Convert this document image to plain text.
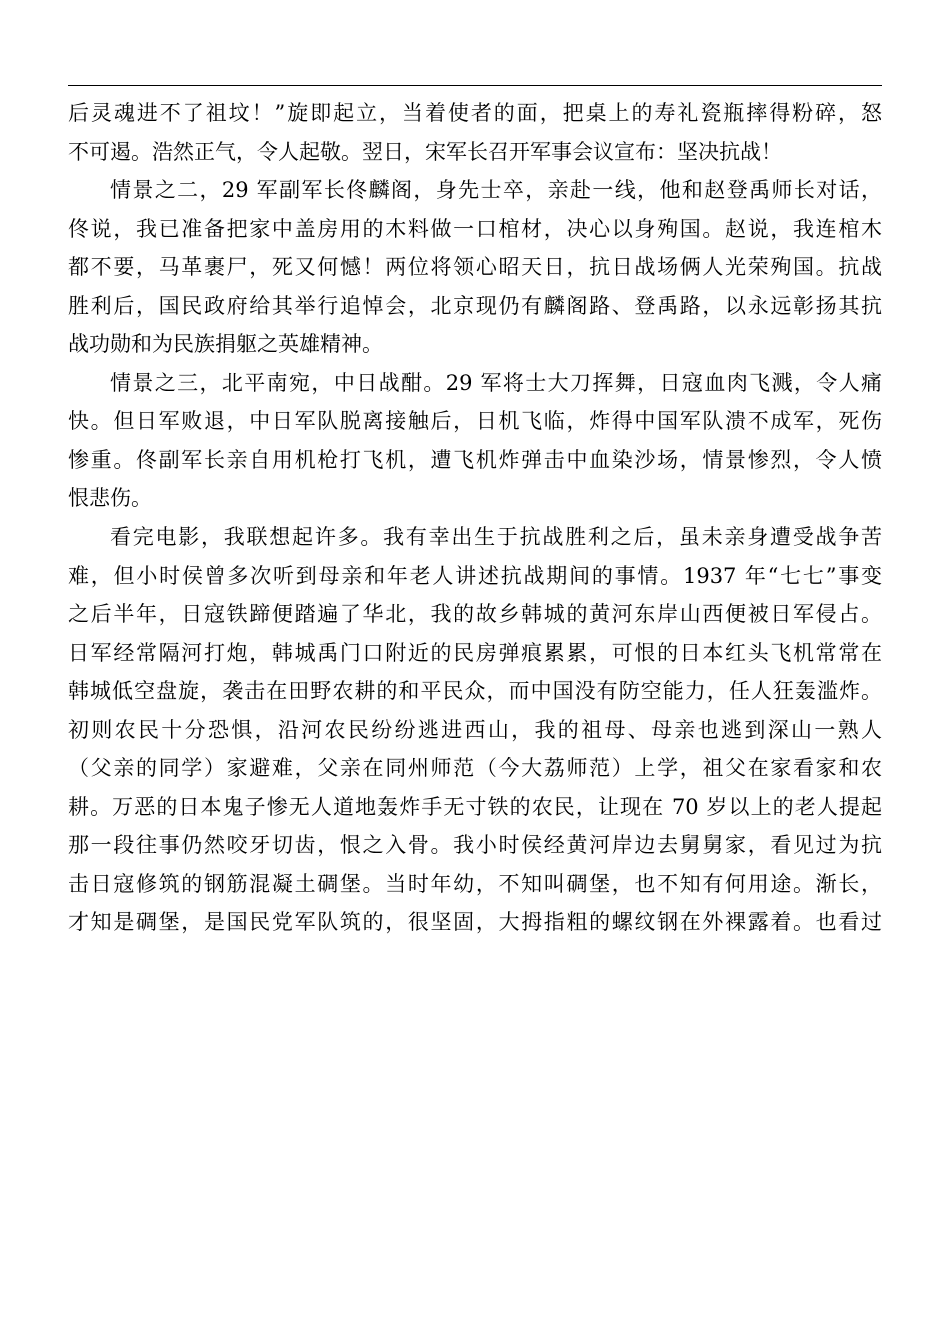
后灵魂进不了祖坟！”旋即起立，当着使者的面，把桌上的寿礼瓷瓶摔得粉碎，怒
不可遏。浩然正气，令人起敬。翌日，宋军长召开军事会议宣布：坚决抗战！
情景之二，29 军副军长佟麟阁，身先士卒，亲赴一线，他和赵登禹师长对话，
佟说，我已准备把家中盖房用的木料做一口棺材，决心以身殉国。赵说，我连棺木
都不要，马革裹尸，死又何憾！两位将领心昭天日，抗日战场俩人光荣殉国。抗战
胜利后，国民政府给其举行追悼会，北京现仍有麟阁路、登禹路，以永远彰扬其抗
战功勋和为民族捐躯之英雄精神。
情景之三，北平南宛，中日战酣。29 军将士大刀挥舞，日寇血肉飞溅，令人痛
快。但日军败退，中日军队脱离接触后，日机飞临，炸得中国军队溃不成军，死伤
惨重。佟副军长亲自用机枪打飞机，遭飞机炸弹击中血染沙场，情景惨烈，令人愤
恨悲伤。
看完电影，我联想起许多。我有幸出生于抗战胜利之后，虽未亲身遭受战争苦
难，但小时侯曾多次听到母亲和年老人讲述抗战期间的事情。1937 年“七七”事变
之后半年，日寇铁蹄便踏遍了华北，我的故乡韩城的黄河东岸山西便被日军侵占。
日军经常隔河打炮，韩城禹门口附近的民房弹痕累累，可恨的日本红头飞机常常在
韩城低空盘旋，袭击在田野农耕的和平民众，而中国没有防空能力，任人狂轰滥炸。
初则农民十分恐惧，沿河农民纷纷逃进西山，我的祖母、母亲也逃到深山一熟人
（父亲的同学）家避难，父亲在同州师范（今大荔师范）上学，祖父在家看家和农
耕。万恶的日本鬼子惨无人道地轰炸手无寸铁的农民，让现在 70 岁以上的老人提起
那一段往事仍然咬牙切齿，恨之入骨。我小时侯经黄河岸边去舅舅家，看见过为抗
击日寇修筑的钢筋混凝土碉堡。当时年幼，不知叫碉堡，也不知有何用途。渐长，
才知是碉堡，是国民党军队筑的，很坚固，大拇指粗的螺纹钢在外裸露着。也看过
